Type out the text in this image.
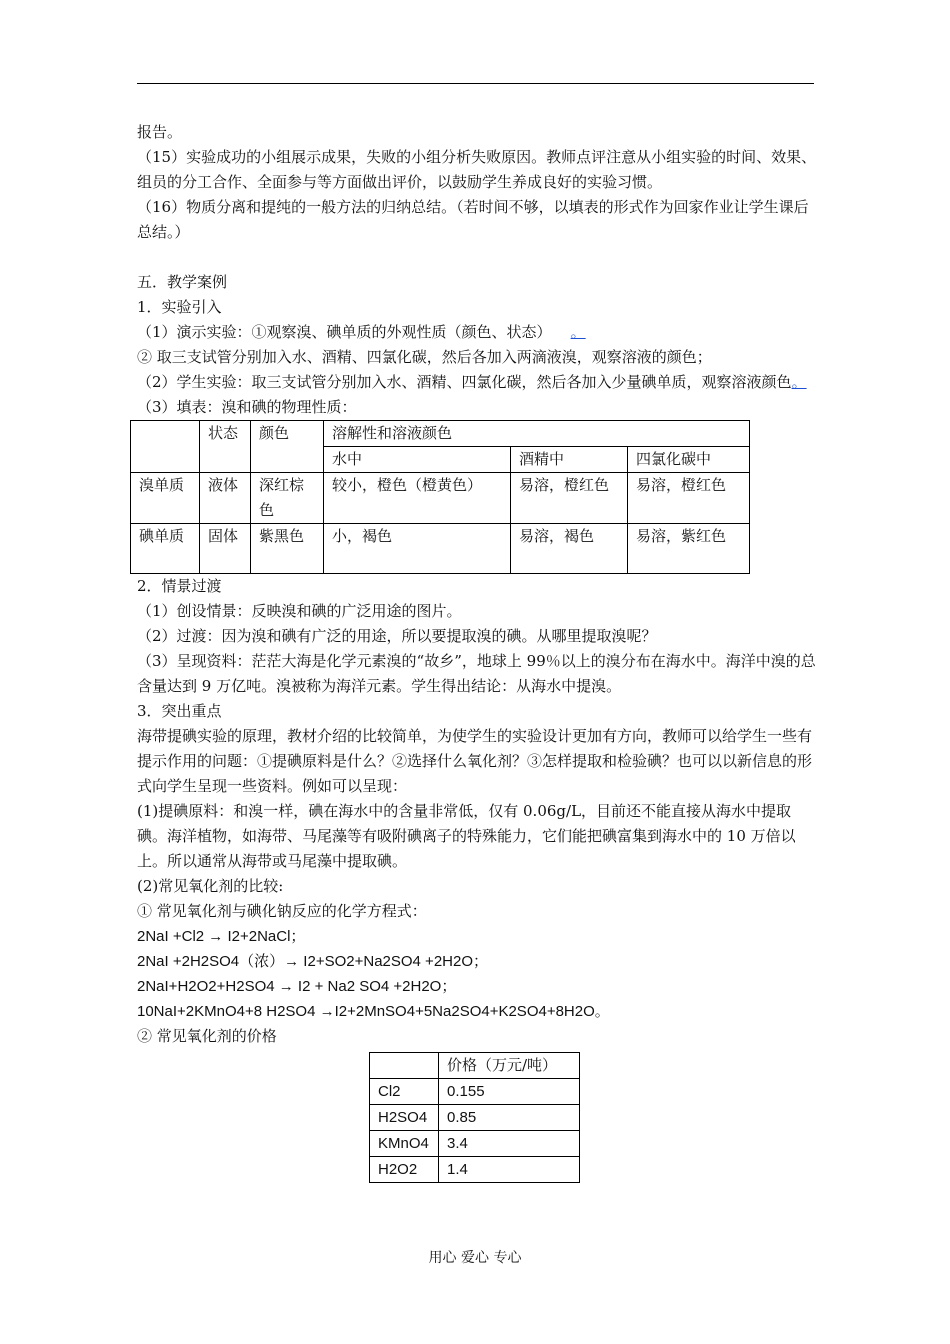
报告。

（15）实验成功的小组展示成果，失败的小组分析失败原因。教师点评注意从小组实验的时间、效果、组员的分工合作、全面参与等方面做出评价，以鼓励学生养成良好的实验习惯。

（16）物质分离和提纯的一般方法的归纳总结。（若时间不够，以填表的形式作为回家作业让学生课后总结。）

五．教学案例

1．实验引入

（1）演示实验：①观察溴、碘单质的外观性质（颜色、状态） 。

② 取三支试管分别加入水、酒精、四氯化碳，然后各加入两滴液溴，观察溶液的颜色；

（2）学生实验：取三支试管分别加入水、酒精、四氯化碳，然后各加入少量碘单质，观察溶液颜色。

（3）填表：溴和碘的物理性质：

	状态	颜色	溶解性和溶液颜色		
			水中	酒精中	四氯化碳中
溴单质	液体	深红棕色	较小，橙色（橙黄色）	易溶，橙红色	易溶，橙红色
碘单质	固体	紫黑色	小，褐色	易溶，褐色	易溶，紫红色

2．情景过渡

（1）创设情景：反映溴和碘的广泛用途的图片。

（2）过渡：因为溴和碘有广泛的用途，所以要提取溴的碘。从哪里提取溴呢？

（3）呈现资料：茫茫大海是化学元素溴的“故乡”，地球上 99％以上的溴分布在海水中。海洋中溴的总含量达到 9 万亿吨。溴被称为海洋元素。学生得出结论：从海水中提溴。

3．突出重点

海带提碘实验的原理，教材介绍的比较简单，为使学生的实验设计更加有方向，教师可以给学生一些有提示作用的问题：①提碘原料是什么？②选择什么氧化剂？③怎样提取和检验碘？也可以以新信息的形式向学生呈现一些资料。例如可以呈现：

(1)提碘原料：和溴一样，碘在海水中的含量非常低，仅有 0.06g/L，目前还不能直接从海水中提取碘。海洋植物，如海带、马尾藻等有吸附碘离子的特殊能力，它们能把碘富集到海水中的 10 万倍以上。所以通常从海带或马尾藻中提取碘。

(2)常见氧化剂的比较:

① 常见氧化剂与碘化钠反应的化学方程式：

2NaI +Cl2 → I2+2NaCl；

2NaI +2H2SO4（浓）→ I2+SO2+Na2SO4 +2H2O；

2NaI+H2O2+H2SO4 → I2 + Na2 SO4 +2H2O；

10NaI+2KMnO4+8 H2SO4 →I2+2MnSO4+5Na2SO4+K2SO4+8H2O。

② 常见氧化剂的价格

	价格（万元/吨）
Cl2	0.155
H2SO4	0.85
KMnO4	3.4
H2O2	1.4
用心 爱心 专心
